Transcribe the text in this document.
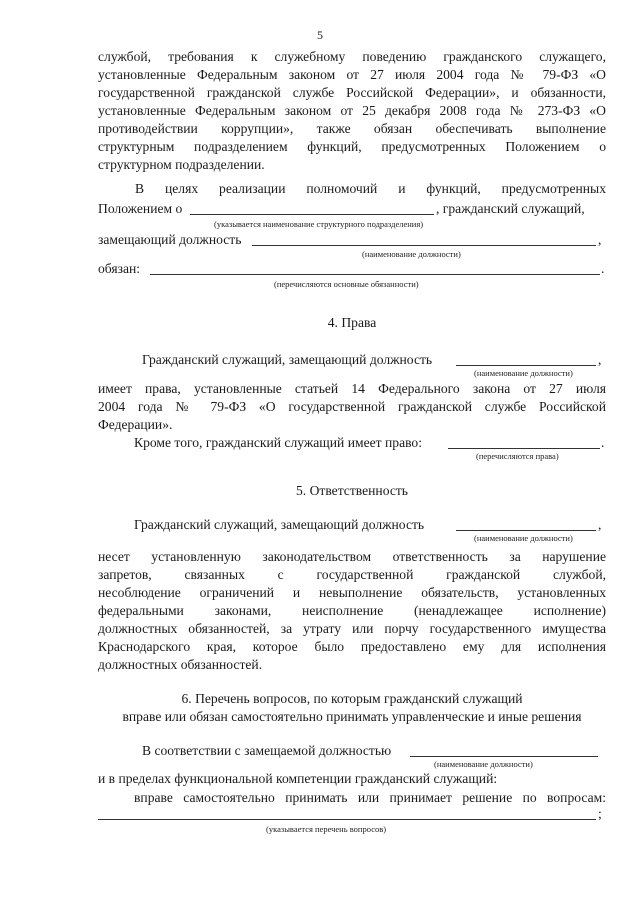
5
службой, требования к служебному поведению гражданского служащего,
установленные Федеральным законом от 27 июля 2004 года № 79-ФЗ «О
государственной гражданской службе Российской Федерации», и обязанности,
установленные Федеральным законом от 25 декабря 2008 года № 273-ФЗ «О
противодействии коррупции», также обязан обеспечивать выполнение
структурным подразделением функций, предусмотренных Положением о
структурном подразделении.
В целях реализации полномочий и функций, предусмотренных
Положением о	, гражданский служащий,
(указывается наименование структурного подразделения)
замещающий должность	,
(наименование должности)
обязан:	.
(перечисляются основные обязанности)
4. Права
Гражданский служащий, замещающий должность	,
(наименование должности)
имеет права, установленные статьей 14 Федерального закона от 27 июля
2004 года № 79-ФЗ «О государственной гражданской службе Российской
Федерации».
Кроме того, гражданский служащий имеет право:	.
(перечисляются права)
5. Ответственность
Гражданский служащий, замещающий должность	,
(наименование должности)
несет установленную законодательством ответственность за нарушение
запретов, связанных с государственной гражданской службой,
несоблюдение ограничений и невыполнение обязательств, установленных
федеральными законами, неисполнение (ненадлежащее исполнение)
должностных обязанностей, за утрату или порчу государственного имущества
Краснодарского края, которое было предоставлено ему для исполнения
должностных обязанностей.
6. Перечень вопросов, по которым гражданский служащий
вправе или обязан самостоятельно принимать управленческие и иные решения
В соответствии с замещаемой должностью
(наименование должности)
и в пределах функциональной компетенции гражданский служащий:
вправе самостоятельно принимать или принимает решение по вопросам:
;
(указывается перечень вопросов)
